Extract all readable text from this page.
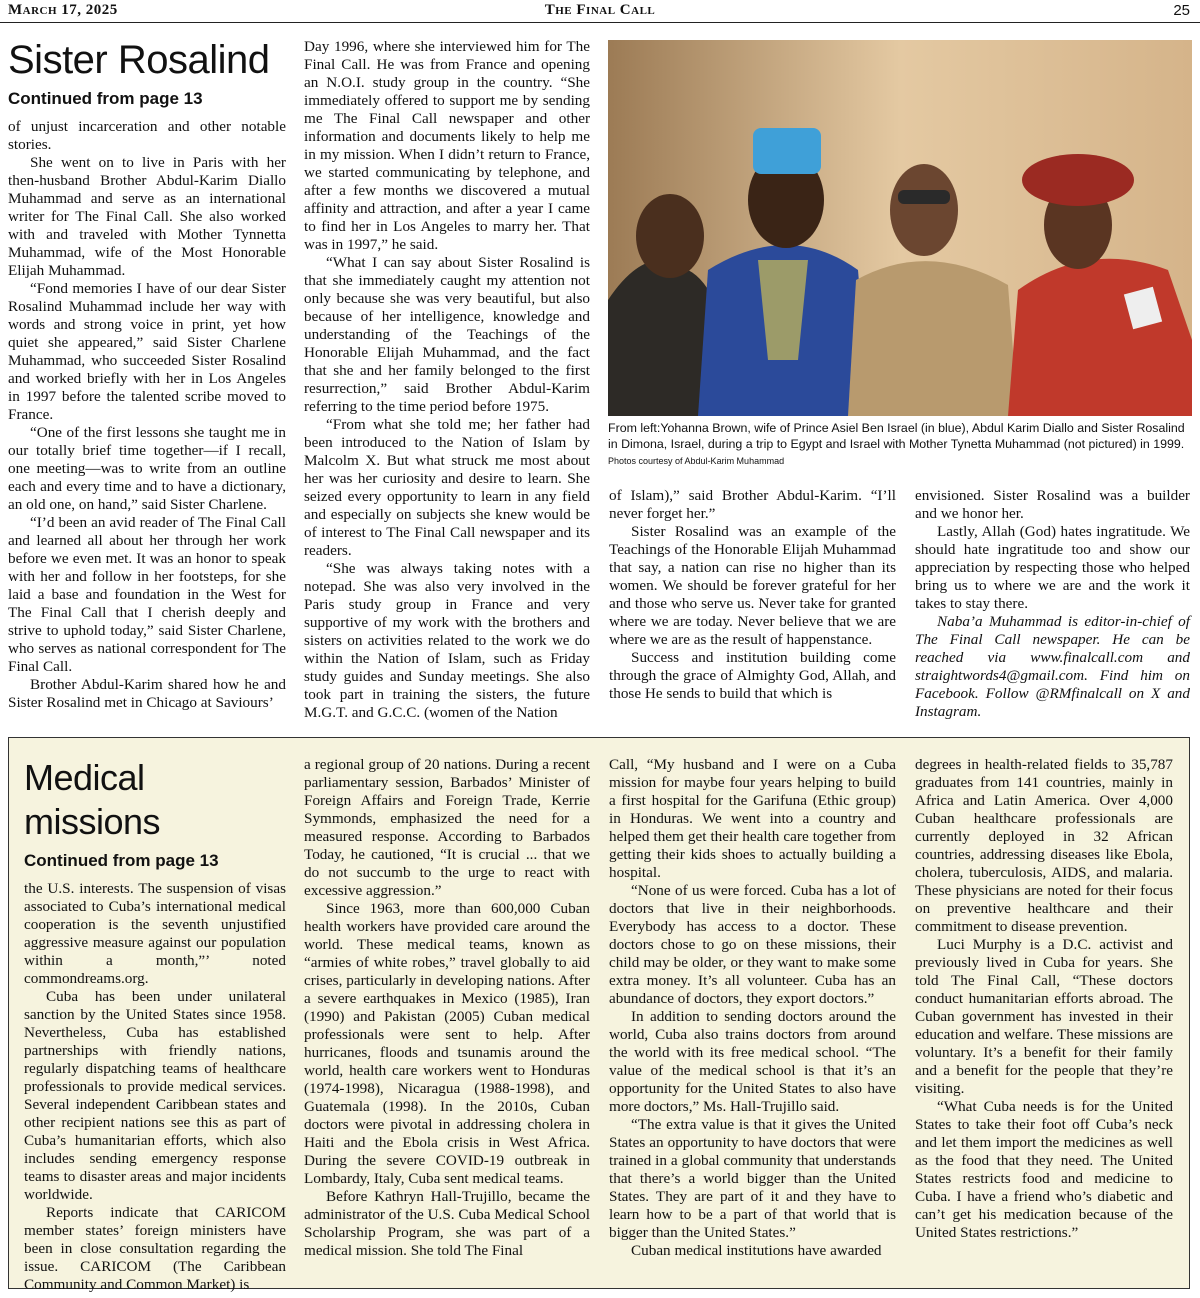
March 17, 2025	The Final Call	25
Sister Rosalind
Continued from page 13

of unjust incarceration and other notable stories.

She went on to live in Paris with her then-husband Brother Abdul-Karim Diallo Muhammad and serve as an international writer for The Final Call. She also worked with and traveled with Mother Tynnetta Muhammad, wife of the Most Honorable Elijah Muhammad.

“Fond memories I have of our dear Sister Rosalind Muhammad include her way with words and strong voice in print, yet how quiet she appeared,” said Sister Charlene Muhammad, who succeeded Sister Rosalind and worked briefly with her in Los Angeles in 1997 before the talented scribe moved to France.

“One of the first lessons she taught me in our totally brief time together—if I recall, one meeting—was to write from an outline each and every time and to have a dictionary, an old one, on hand,” said Sister Charlene.

“I’d been an avid reader of The Final Call and learned all about her through her work before we even met. It was an honor to speak with her and follow in her footsteps, for she laid a base and foundation in the West for The Final Call that I cherish deeply and strive to uphold today,” said Sister Charlene, who serves as national correspondent for The Final Call.

Brother Abdul-Karim shared how he and Sister Rosalind met in Chicago at Saviours’

Day 1996, where she interviewed him for The Final Call. He was from France and opening an N.O.I. study group in the country. “She immediately offered to support me by sending me The Final Call newspaper and other information and documents likely to help me in my mission. When I didn’t return to France, we started communicating by telephone, and after a few months we discovered a mutual affinity and attraction, and after a year I came to find her in Los Angeles to marry her. That was in 1997,” he said.

“What I can say about Sister Rosalind is that she immediately caught my attention not only because she was very beautiful, but also because of her intelligence, knowledge and understanding of the Teachings of the Honorable Elijah Muhammad, and the fact that she and her family belonged to the first resurrection,” said Brother Abdul-Karim referring to the time period before 1975.

“From what she told me; her father had been introduced to the Nation of Islam by Malcolm X. But what struck me most about her was her curiosity and desire to learn. She seized every opportunity to learn in any field and especially on subjects she knew would be of interest to The Final Call newspaper and its readers.

“She was always taking notes with a notepad. She was also very involved in the Paris study group in France and very supportive of my work with the brothers and sisters on activities related to the work we do within the Nation of Islam, such as Friday study guides and Sunday meetings. She also took part in training the sisters, the future M.G.T. and G.C.C. (women of the Nation

From left:Yohanna Brown, wife of Prince Asiel Ben Israel (in blue), Abdul Karim Diallo and Sister Rosalind in Dimona, Israel, during a trip to Egypt and Israel with Mother Tynetta Muhammad (not pictured) in 1999. Photos courtesy of Abdul-Karim Muhammad

of Islam),” said Brother Abdul-Karim. “I’ll never forget her.”

Sister Rosalind was an example of the Teachings of the Honorable Elijah Muhammad that say, a nation can rise no higher than its women. We should be forever grateful for her and those who serve us. Never take for granted where we are today. Never believe that we are where we are as the result of happenstance.

Success and institution building come through the grace of Almighty God, Allah, and those He sends to build that which is

envisioned. Sister Rosalind was a builder and we honor her.

Lastly, Allah (God) hates ingratitude. We should hate ingratitude too and show our appreciation by respecting those who helped bring us to where we are and the work it takes to stay there.

Naba’a Muhammad is editor-in-chief of The Final Call newspaper. He can be reached via www.finalcall.com and straightwords4@gmail.com. Find him on Facebook. Follow @RMfinalcall on X and Instagram.

Medical missions
Continued from page 13

the U.S. interests. The suspension of visas associated to Cuba’s international medical cooperation is the seventh unjustified aggressive measure against our population within a month,”’ noted commondreams.org.

Cuba has been under unilateral sanction by the United States since 1958. Nevertheless, Cuba has established partnerships with friendly nations, regularly dispatching teams of healthcare professionals to provide medical services. Several independent Caribbean states and other recipient nations see this as part of Cuba’s humanitarian efforts, which also includes sending emergency response teams to disaster areas and major incidents worldwide.

Reports indicate that CARICOM member states’ foreign ministers have been in close consultation regarding the issue. CARICOM (The Caribbean Community and Common Market) is

a regional group of 20 nations. During a recent parliamentary session, Barbados’ Minister of Foreign Affairs and Foreign Trade, Kerrie Symmonds, emphasized the need for a measured response. According to Barbados Today, he cautioned, “It is crucial ... that we do not succumb to the urge to react with excessive aggression.”

Since 1963, more than 600,000 Cuban health workers have provided care around the world. These medical teams, known as “armies of white robes,” travel globally to aid crises, particularly in developing nations. After a severe earthquakes in Mexico (1985), Iran (1990) and Pakistan (2005) Cuban medical professionals were sent to help. After hurricanes, floods and tsunamis around the world, health care workers went to Honduras (1974-1998), Nicaragua (1988-1998), and Guatemala (1998). In the 2010s, Cuban doctors were pivotal in addressing cholera in Haiti and the Ebola crisis in West Africa. During the severe COVID-19 outbreak in Lombardy, Italy, Cuba sent medical teams.

Before Kathryn Hall-Trujillo, became the administrator of the U.S. Cuba Medical School Scholarship Program, she was part of a medical mission. She told The Final

Call, “My husband and I were on a Cuba mission for maybe four years helping to build a first hospital for the Garifuna (Ethic group) in Honduras. We went into a country and helped them get their health care together from getting their kids shoes to actually building a hospital.

“None of us were forced. Cuba has a lot of doctors that live in their neighborhoods. Everybody has access to a doctor. These doctors chose to go on these missions, their child may be older, or they want to make some extra money. It’s all volunteer. Cuba has an abundance of doctors, they export doctors.”

In addition to sending doctors around the world, Cuba also trains doctors from around the world with its free medical school. “The value of the medical school is that it’s an opportunity for the United States to also have more doctors,” Ms. Hall-Trujillo said.

“The extra value is that it gives the United States an opportunity to have doctors that were trained in a global community that understands that there’s a world bigger than the United States. They are part of it and they have to learn how to be a part of that world that is bigger than the United States.”

Cuban medical institutions have awarded

degrees in health-related fields to 35,787 graduates from 141 countries, mainly in Africa and Latin America. Over 4,000 Cuban healthcare professionals are currently deployed in 32 African countries, addressing diseases like Ebola, cholera, tuberculosis, AIDS, and malaria. These physicians are noted for their focus on preventive healthcare and their commitment to disease prevention.

Luci Murphy is a D.C. activist and previously lived in Cuba for years. She told The Final Call, “These doctors conduct humanitarian efforts abroad. The Cuban government has invested in their education and welfare. These missions are voluntary. It’s a benefit for their family and a benefit for the people that they’re visiting.

“What Cuba needs is for the United States to take their foot off Cuba’s neck and let them import the medicines as well as the food that they need. The United States restricts food and medicine to Cuba. I have a friend who’s diabetic and can’t get his medication because of the United States restrictions.”
